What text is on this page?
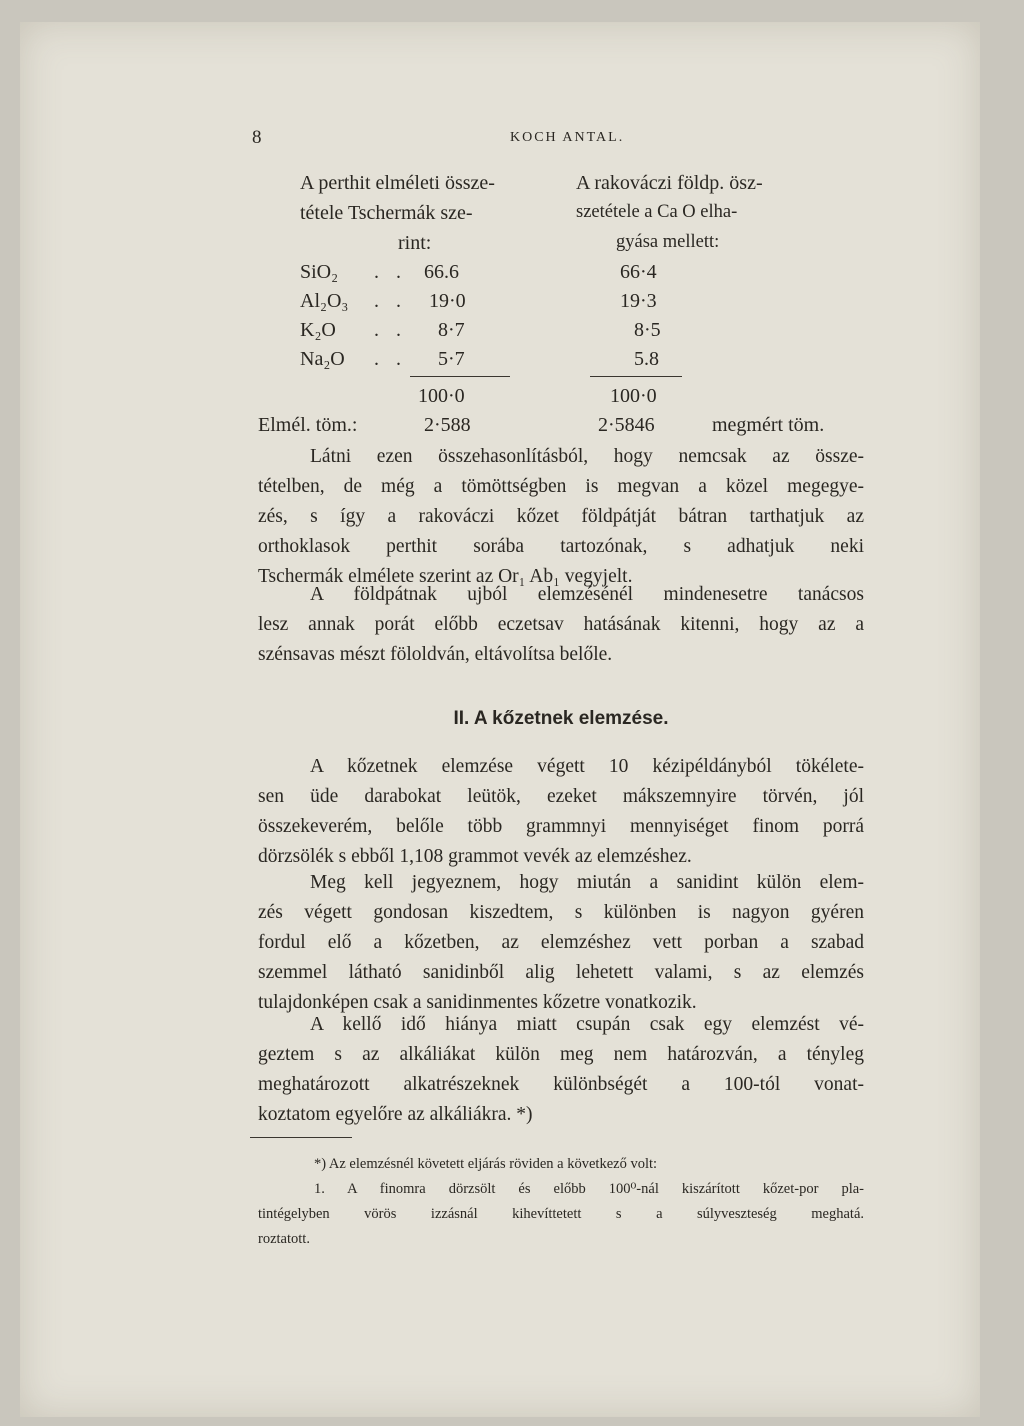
8	KOCH ANTAL.
A perthit elméleti össze-
tétele Tschermák sze-
rint:
A rakováczi földp. ösz-
szetétele a Ca O elha-
gyása mellett:
SiO₂ . . 66.6	66·4
Al₂O₃ . . 19·0	19·3
K₂O . . 8·7	8·5
Na₂O . . 5·7	5.8
100·0	100·0
Elmél. töm.:	2·588	2·5846	megmért töm.
Látni ezen összehasonlításból, hogy nemcsak az össze-
tételben, de még a tömöttségben is megvan a közel megegye-
zés, s így a rakováczi kőzet földpátját bátran tarthatjuk az
orthoklasok perthit sorába tartozónak, s adhatjuk neki
Tschermák elmélete szerint az Or₁ Ab₁ vegyjelt.
A földpátnak ujból elemzésénél mindenesetre tanácsos
lesz annak porát előbb eczetsav hatásának kitenni, hogy az a
szénsavas mészt föloldván, eltávolítsa belőle.
II. A kőzetnek elemzése.
A kőzetnek elemzése végett 10 kézipéldányból tökélete-
sen üde darabokat leütök, ezeket mákszemnyire törvén, jól
összekeverém, belőle több grammnyi mennyiséget finom porrá
dörzsölék s ebből 1,108 grammot vevék az elemzéshez.
Meg kell jegyeznem, hogy miután a sanidint külön elem-
zés végett gondosan kiszedtem, s különben is nagyon gyéren
fordul elő a kőzetben, az elemzéshez vett porban a szabad
szemmel látható sanidinből alig lehetett valami, s az elemzés
tulajdonképen csak a sanidinmentes kőzetre vonatkozik.
A kellő idő hiánya miatt csupán csak egy elemzést vé-
geztem s az alkáliákat külön meg nem határozván, a tényleg
meghatározott alkatrészeknek különbségét a 100-tól vonat-
koztatom egyelőre az alkáliákra. *)
*) Az elemzésnél követett eljárás röviden a következő volt:
1. A finomra dörzsölt és előbb 100⁰-nál kiszárított kőzet-por pla-
tintégelyben vörös izzásnál kihevíttetett s a súlyveszteség meghatá.
roztatott.
